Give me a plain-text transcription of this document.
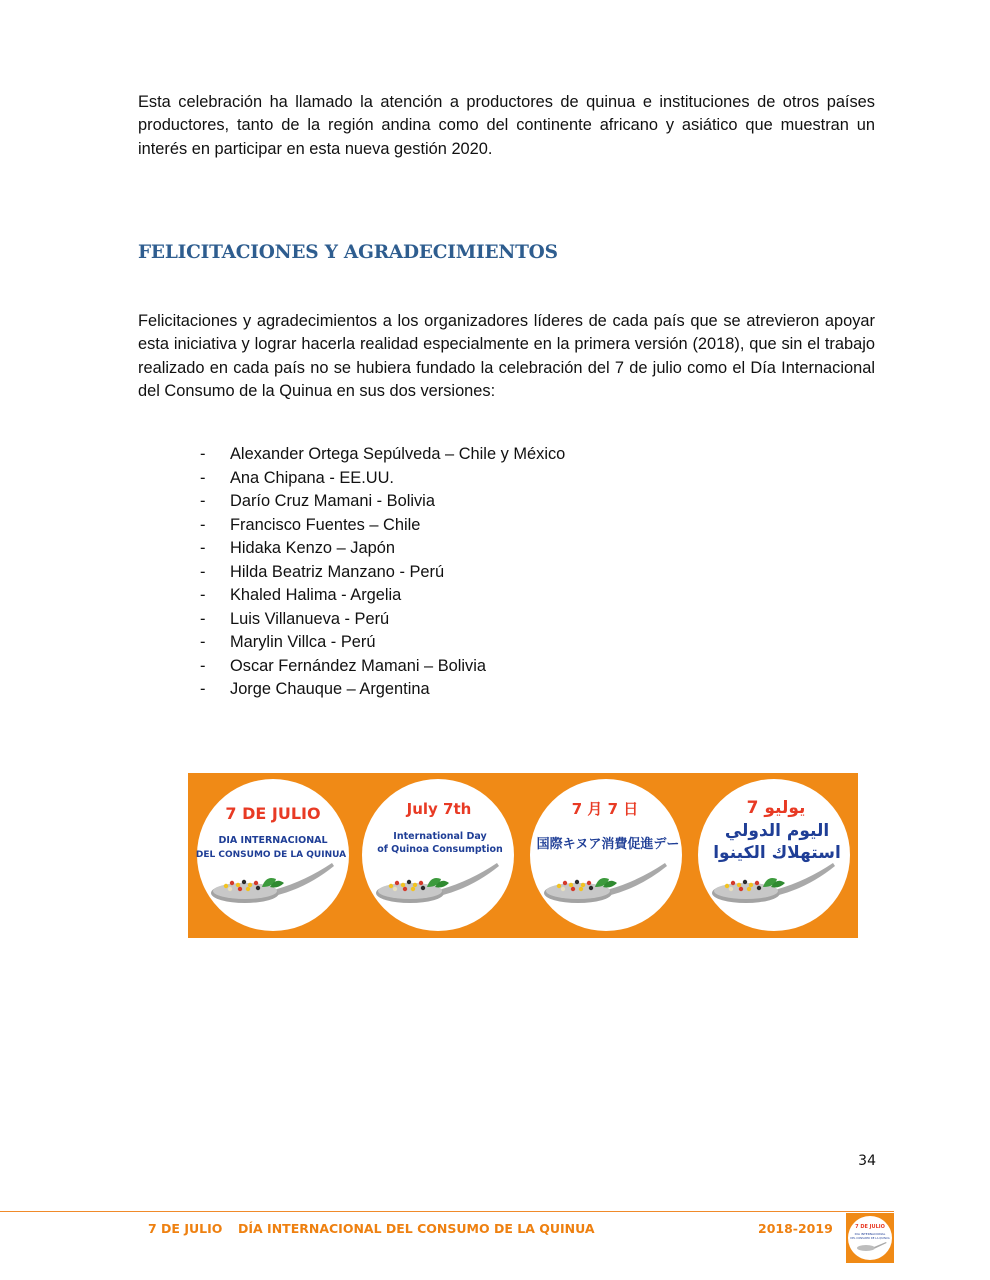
Esta celebración ha llamado la atención a productores de quinua e instituciones de otros países productores, tanto de la región andina como del continente africano y asiático que muestran un interés en participar en esta nueva gestión 2020.

FELICITACIONES Y AGRADECIMIENTOS

Felicitaciones y agradecimientos a los organizadores líderes de cada país que se atrevieron apoyar esta iniciativa y lograr hacerla realidad especialmente en la primera versión (2018), que sin el trabajo realizado en cada país no se hubiera fundado la celebración del 7 de julio como el Día Internacional del Consumo de la Quinua en sus dos versiones:

-	Alexander Ortega Sepúlveda – Chile y México
-	Ana Chipana - EE.UU.
-	Darío Cruz Mamani - Bolivia
-	Francisco Fuentes – Chile
-	Hidaka Kenzo – Japón
-	Hilda Beatriz Manzano - Perú
-	Khaled Halima - Argelia
-	Luis Villanueva - Perú
-	Marylin Villca - Perú
-	Oscar Fernández Mamani – Bolivia
-	Jorge Chauque – Argentina
7 DE JULIO
DIA INTERNACIONAL
DEL CONSUMO DE LA QUINUA
July 7th
International Day
of Quinoa Consumption
7 月 7 日
国際キヌア消費促進デー
7 يوليو
اليوم الدولي
استهلاك الكينوا
34
7 DE JULIO DÍA INTERNACIONAL DEL CONSUMO DE LA QUINUA	2018-2019	7 DE JULIO
DIA INTERNACIONAL
DEL CONSUMO DE LA QUINUA
